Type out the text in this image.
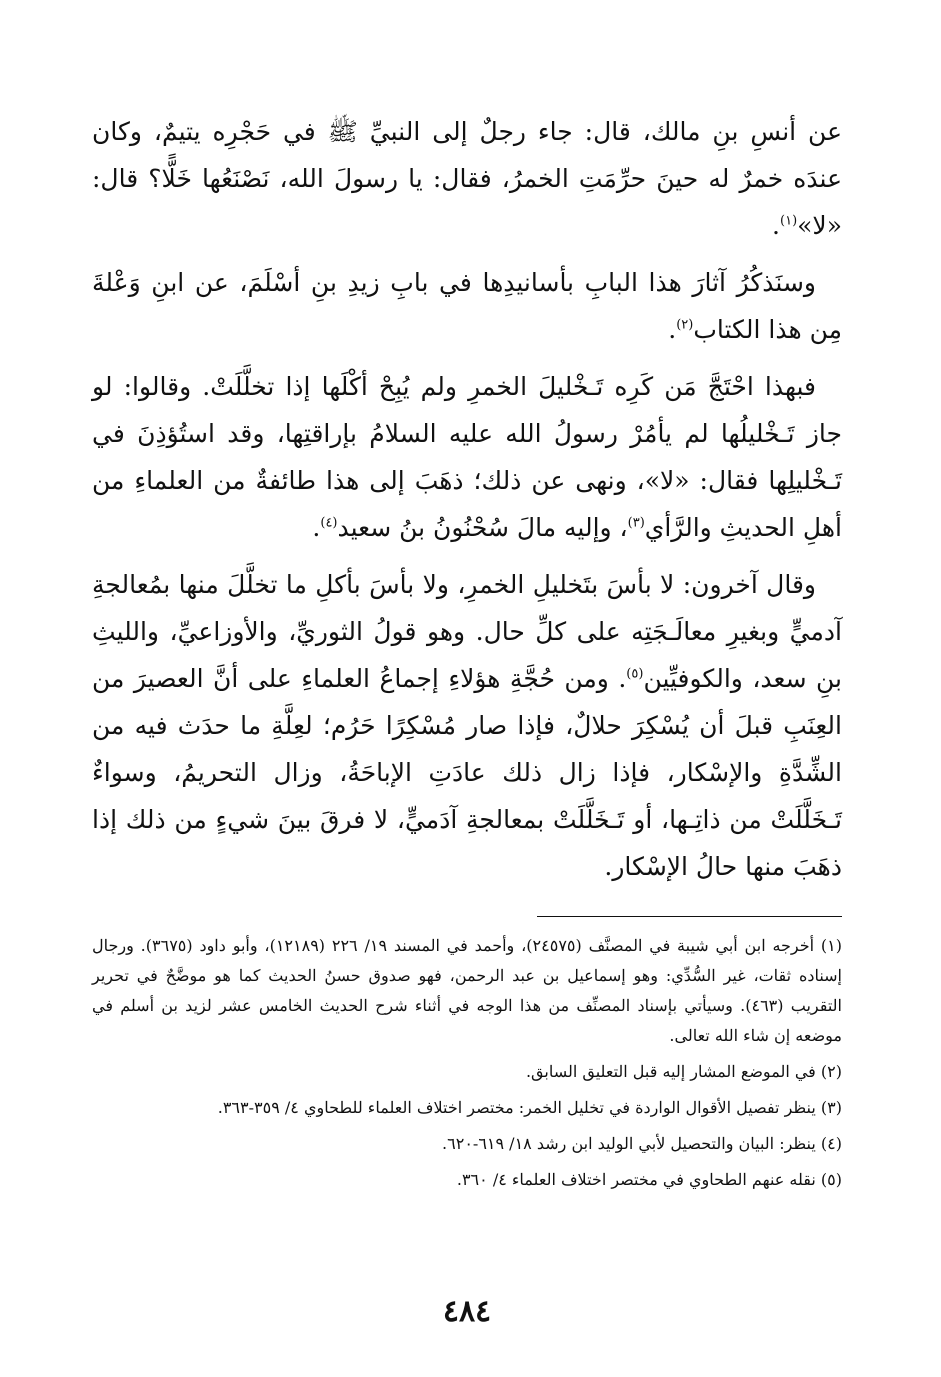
عن أنسِ بنِ مالك، قال: جاء رجلٌ إلى النبيِّ ﷺ في حَجْرِه يتيمٌ، وكان عندَه خمرٌ له حينَ حرِّمَتِ الخمرُ، فقال: يا رسولَ الله، نَصْنَعُها خَلًّا؟ قال: «لا»$^{(١)}$.

وسنَذكُرُ آثارَ هذا البابِ بأسانيدِها في بابِ زيدِ بنِ أسْلَمَ، عن ابنِ وَعْلةَ مِن هذا الكتاب$^{(٢)}$.

فبهذا احْتَجَّ مَن كَرِه تَـخْليلَ الخمرِ ولم يُبِحْ أكْلَها إذا تخلَّلَتْ. وقالوا: لو جاز تَـخْليلُها لم يأمُرْ رسولُ الله عليه السلامُ بإراقتِها، وقد استُؤذِنَ في تَـخْليلِها فقال: «لا»، ونهى عن ذلك؛ ذهَبَ إلى هذا طائفةٌ من العلماءِ من أهلِ الحديثِ والرَّأي$^{(٣)}$، وإليه مالَ سُحْنُونُ بنُ سعيد$^{(٤)}$.

وقال آخرون: لا بأسَ بتَخليلِ الخمرِ، ولا بأسَ بأكلِ ما تخلَّلَ منها بمُعالجةِ آدميٍّ وبغيرِ معالَـجَتِه على كلِّ حال. وهو قولُ الثوريِّ، والأوزاعيِّ، والليثِ بنِ سعد، والكوفيِّين$^{(٥)}$. ومن حُجَّةِ هؤلاءِ إجماعُ العلماءِ على أنَّ العصيرَ من العِنَبِ قبلَ أن يُسْكِرَ حلالٌ، فإذا صار مُسْكِرًا حَرُم؛ لعِلَّةِ ما حدَث فيه من الشِّدَّةِ والإسْكار، فإذا زال ذلك عادَتِ الإباحَةُ، وزال التحريمُ، وسواءٌ تَـخَلَّلَتْ من ذاتِـها، أو تَـخَلَّلَتْ بمعالجةِ آدَميٍّ، لا فرقَ بينَ شيءٍ من ذلك إذا ذهَبَ منها حالُ الإسْكار.

(١) أخرجه ابن أبي شيبة في المصنَّف (٢٤٥٧٥)، وأحمد في المسند ١٩/ ٢٢٦ (١٢١٨٩)، وأبو داود (٣٦٧٥). ورجال إسناده ثقات، غير السُّدِّي: وهو إسماعيل بن عبد الرحمن، فهو صدوق حسنُ الحديث كما هو موضَّحٌ في تحرير التقريب (٤٦٣). وسيأتي بإسناد المصنِّف من هذا الوجه في أثناء شرح الحديث الخامس عشر لزيد بن أسلم في موضعه إن شاء الله تعالى.

(٢) في الموضع المشار إليه قبل التعليق السابق.

(٣) ينظر تفصيل الأقوال الواردة في تخليل الخمر: مختصر اختلاف العلماء للطحاوي ٤/ ٣٥٩-٣٦٣.

(٤) ينظر: البيان والتحصيل لأبي الوليد ابن رشد ١٨/ ٦١٩-٦٢٠.

(٥) نقله عنهم الطحاوي في مختصر اختلاف العلماء ٤/ ٣٦٠.

٤٨٤
